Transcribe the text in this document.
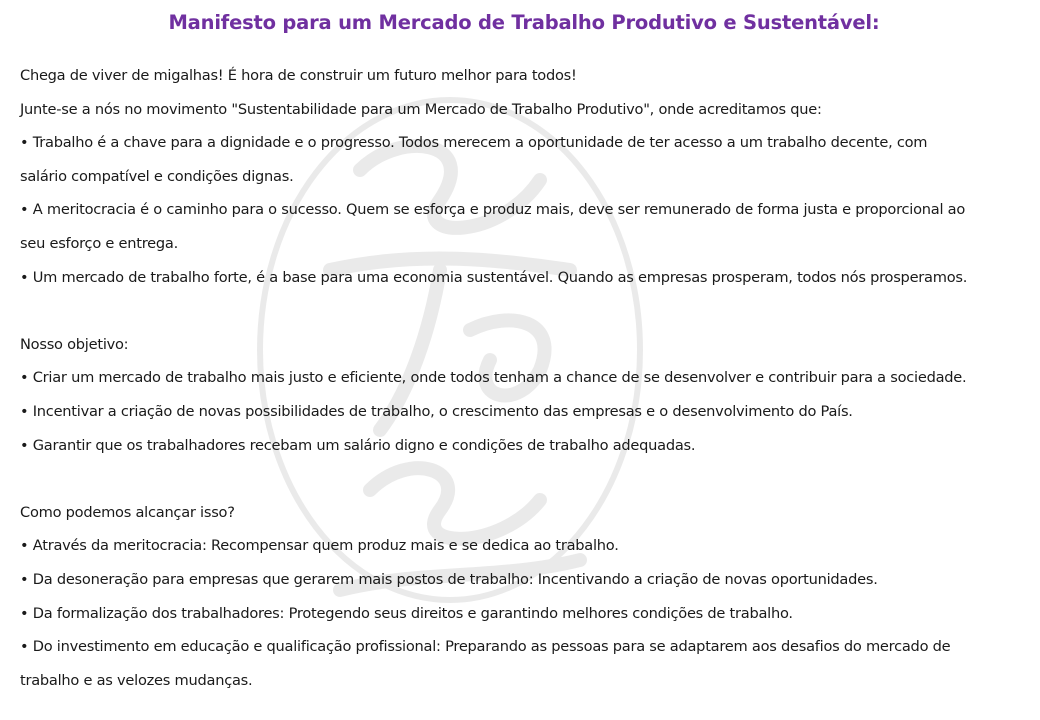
Manifesto para um Mercado de Trabalho Produtivo e Sustentável:
Chega de viver de migalhas! É hora de construir um futuro melhor para todos!
Junte-se a nós no movimento "Sustentabilidade para um Mercado de Trabalho Produtivo", onde acreditamos que:
• Trabalho é a chave para a dignidade e o progresso. Todos merecem a oportunidade de ter acesso a um trabalho decente, com
salário compatível e condições dignas.
• A meritocracia é o caminho para o sucesso. Quem se esforça e produz mais, deve ser remunerado de forma justa e proporcional ao
seu esforço e entrega.
• Um mercado de trabalho forte, é a base para uma economia sustentável. Quando as empresas prosperam, todos nós prosperamos.
Nosso objetivo:
• Criar um mercado de trabalho mais justo e eficiente, onde todos tenham a chance de se desenvolver e contribuir para a sociedade.
• Incentivar a criação de novas possibilidades de trabalho, o crescimento das empresas e o desenvolvimento do País.
• Garantir que os trabalhadores recebam um salário digno e condições de trabalho adequadas.
Como podemos alcançar isso?
• Através da meritocracia: Recompensar quem produz mais e se dedica ao trabalho.
• Da desoneração para empresas que gerarem mais postos de trabalho: Incentivando a criação de novas oportunidades.
• Da formalização dos trabalhadores: Protegendo seus direitos e garantindo melhores condições de trabalho.
• Do investimento em educação e qualificação profissional: Preparando as pessoas para se adaptarem aos desafios do mercado de
trabalho e as velozes mudanças.
